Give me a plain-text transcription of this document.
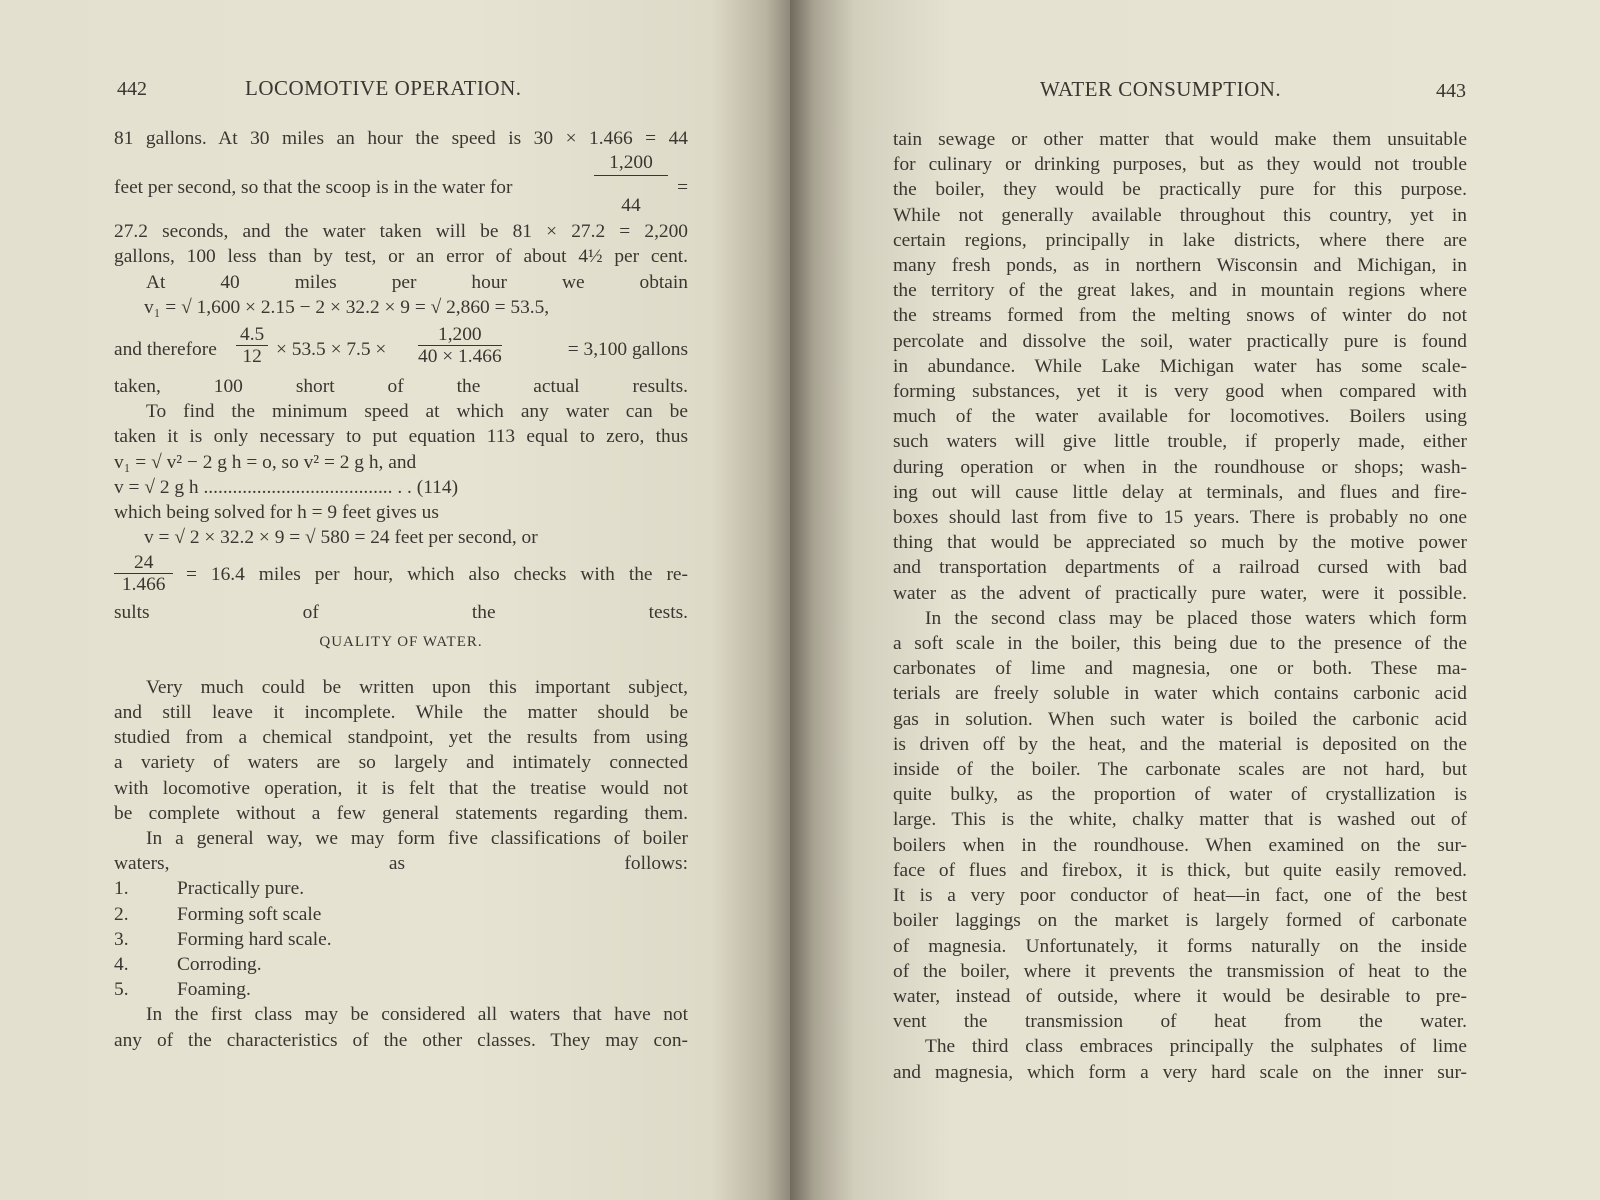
442	LOCOMOTIVE OPERATION.
81 gallons. At 30 miles an hour the speed is 30 × 1.466 = 44
feet per second, so that the scoop is in the water for	$\frac{1,200}{44}$ =
27.2 seconds, and the water taken will be 81 × 27.2 = 2,200
gallons, 100 less than by test, or an error of about 4½ per cent.
At 40 miles per hour we obtain
v₁ = √ 1,600 × 2.15 − 2 × 32.2 × 9 = √ 2,860 = 53.5,
and therefore $\frac{4.5}{12} \times 53.5 \times 7.5 \times \frac{1,200}{40 \times 1.466}$	= 3,100 gallons
taken, 100 short of the actual results.
To find the minimum speed at which any water can be
taken it is only necessary to put equation 113 equal to zero, thus
v₁ = √ v² − 2 g h = o, so v² = 2 g h, and
v = √ 2 g h ....................................... . . (114)
which being solved for h = 9 feet gives us
v = √ 2 × 32.2 × 9 = √ 580 = 24 feet per second, or
$\frac{24}{1.466} = 16.4$ miles per hour, which also checks with the re-
sults of the tests.
QUALITY OF WATER.
Very much could be written upon this important subject,
and still leave it incomplete. While the matter should be
studied from a chemical standpoint, yet the results from using
a variety of waters are so largely and intimately connected
with locomotive operation, it is felt that the treatise would not
be complete without a few general statements regarding them.
In a general way, we may form five classifications of boiler
waters, as follows:
1.	Practically pure.
2.	Forming soft scale
3.	Forming hard scale.
4.	Corroding.
5.	Foaming.
In the first class may be considered all waters that have not
any of the characteristics of the other classes. They may con-
WATER CONSUMPTION.	443
tain sewage or other matter that would make them unsuitable
for culinary or drinking purposes, but as they would not trouble
the boiler, they would be practically pure for this purpose.
While not generally available throughout this country, yet in
certain regions, principally in lake districts, where there are
many fresh ponds, as in northern Wisconsin and Michigan, in
the territory of the great lakes, and in mountain regions where
the streams formed from the melting snows of winter do not
percolate and dissolve the soil, water practically pure is found
in abundance. While Lake Michigan water has some scale-
forming substances, yet it is very good when compared with
much of the water available for locomotives. Boilers using
such waters will give little trouble, if properly made, either
during operation or when in the roundhouse or shops; wash-
ing out will cause little delay at terminals, and flues and fire-
boxes should last from five to 15 years. There is probably no one
thing that would be appreciated so much by the motive power
and transportation departments of a railroad cursed with bad
water as the advent of practically pure water, were it possible.
In the second class may be placed those waters which form
a soft scale in the boiler, this being due to the presence of the
carbonates of lime and magnesia, one or both. These ma-
terials are freely soluble in water which contains carbonic acid
gas in solution. When such water is boiled the carbonic acid
is driven off by the heat, and the material is deposited on the
inside of the boiler. The carbonate scales are not hard, but
quite bulky, as the proportion of water of crystallization is
large. This is the white, chalky matter that is washed out of
boilers when in the roundhouse. When examined on the sur-
face of flues and firebox, it is thick, but quite easily removed.
It is a very poor conductor of heat—in fact, one of the best
boiler laggings on the market is largely formed of carbonate
of magnesia. Unfortunately, it forms naturally on the inside
of the boiler, where it prevents the transmission of heat to the
water, instead of outside, where it would be desirable to pre-
vent the transmission of heat from the water.
The third class embraces principally the sulphates of lime
and magnesia, which form a very hard scale on the inner sur-
